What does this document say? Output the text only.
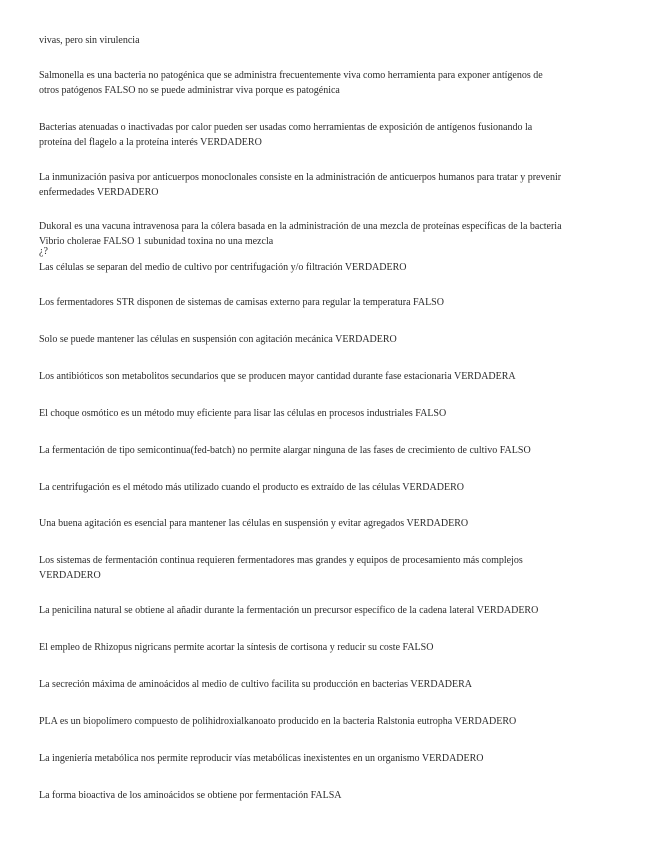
vivas, pero sin virulencia

Salmonella es una bacteria no patogénica que se administra frecuentemente viva como herramienta para exponer antígenos de
otros patógenos FALSO no se puede administrar viva porque es patogénica

Bacterias atenuadas o inactivadas por calor pueden ser usadas como herramientas de exposición de antígenos fusionando la
proteína del flagelo a la proteína interés VERDADERO

La inmunización pasiva por anticuerpos monoclonales consiste en la administración de anticuerpos humanos para tratar y prevenir
enfermedades VERDADERO

Dukoral es una vacuna intravenosa para la cólera basada en la administración de una mezcla de proteínas específicas de la bacteria
Vibrio cholerae FALSO 1 subunidad toxina no una mezcla
¿?

Las células se separan del medio de cultivo por centrifugación y/o filtración VERDADERO

Los fermentadores STR disponen de sistemas de camisas externo para regular la temperatura FALSO

Solo se puede mantener las células en suspensión con agitación mecánica VERDADERO

Los antibióticos son metabolitos secundarios que se producen mayor cantidad durante fase estacionaria VERDADERA

El choque osmótico es un método muy eficiente para lisar las células en procesos industriales FALSO

La fermentación de tipo semicontinua(fed-batch) no permite alargar ninguna de las fases de crecimiento de cultivo FALSO

La centrifugación es el método más utilizado cuando el producto es extraído de las células VERDADERO

Una buena agitación es esencial para mantener las células en suspensión y evitar agregados VERDADERO

Los sistemas de fermentación continua requieren fermentadores mas grandes y equipos de procesamiento más complejos
VERDADERO

La penicilina natural se obtiene al añadir durante la fermentación un precursor específico de la cadena lateral VERDADERO

El empleo de Rhizopus nigricans permite acortar la síntesis de cortisona y reducir su coste FALSO

La secreción máxima de aminoácidos al medio de cultivo facilita su producción en bacterias VERDADERA

PLA es un biopolímero compuesto de polihidroxialkanoato producido en la bacteria Ralstonia eutropha VERDADERO

La ingeniería metabólica nos permite reproducir vías metabólicas inexistentes en un organismo VERDADERO

La forma bioactiva de los aminoácidos se obtiene por fermentación FALSA
